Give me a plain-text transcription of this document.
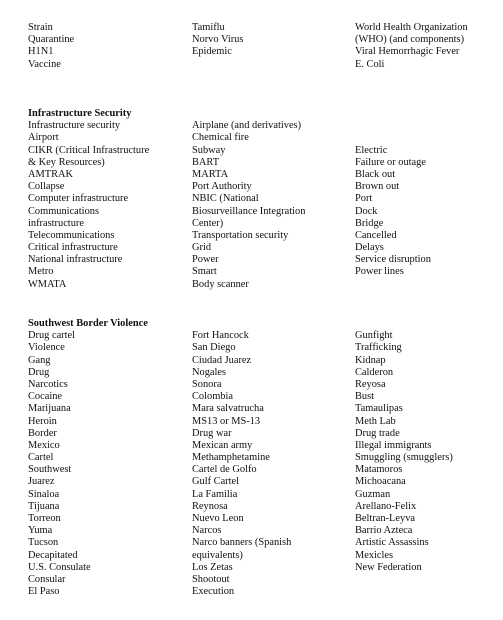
Strain
Quarantine
H1N1
Vaccine
Tamiflu
Norvo Virus
Epidemic
World Health Organization
(WHO) (and components)
Viral Hemorrhagic Fever
E. Coli
Infrastructure Security
Infrastructure security
Airport
CIKR (Critical Infrastructure
& Key Resources)
AMTRAK
Collapse
Computer infrastructure
Communications
infrastructure
Telecommunications
Critical infrastructure
National infrastructure
Metro
WMATA
Airplane (and derivatives)
Chemical fire
Subway
BART
MARTA
Port Authority
NBIC (National
Biosurveillance Integration
Center)
Transportation security
Grid
Power
Smart
Body scanner
Electric
Failure or outage
Black out
Brown out
Port
Dock
Bridge
Cancelled
Delays
Service disruption
Power lines
Southwest Border Violence
Drug cartel
Violence
Gang
Drug
Narcotics
Cocaine
Marijuana
Heroin
Border
Mexico
Cartel
Southwest
Juarez
Sinaloa
Tijuana
Torreon
Yuma
Tucson
Decapitated
U.S. Consulate
Consular
El Paso
Fort Hancock
San Diego
Ciudad Juarez
Nogales
Sonora
Colombia
Mara salvatrucha
MS13 or MS-13
Drug war
Mexican army
Methamphetamine
Cartel de Golfo
Gulf Cartel
La Familia
Reynosa
Nuevo Leon
Narcos
Narco banners (Spanish
equivalents)
Los Zetas
Shootout
Execution
Gunfight
Trafficking
Kidnap
Calderon
Reyosa
Bust
Tamaulipas
Meth Lab
Drug trade
Illegal immigrants
Smuggling (smugglers)
Matamoros
Michoacana
Guzman
Arellano-Felix
Beltran-Leyva
Barrio Azteca
Artistic Assassins
Mexicles
New Federation
